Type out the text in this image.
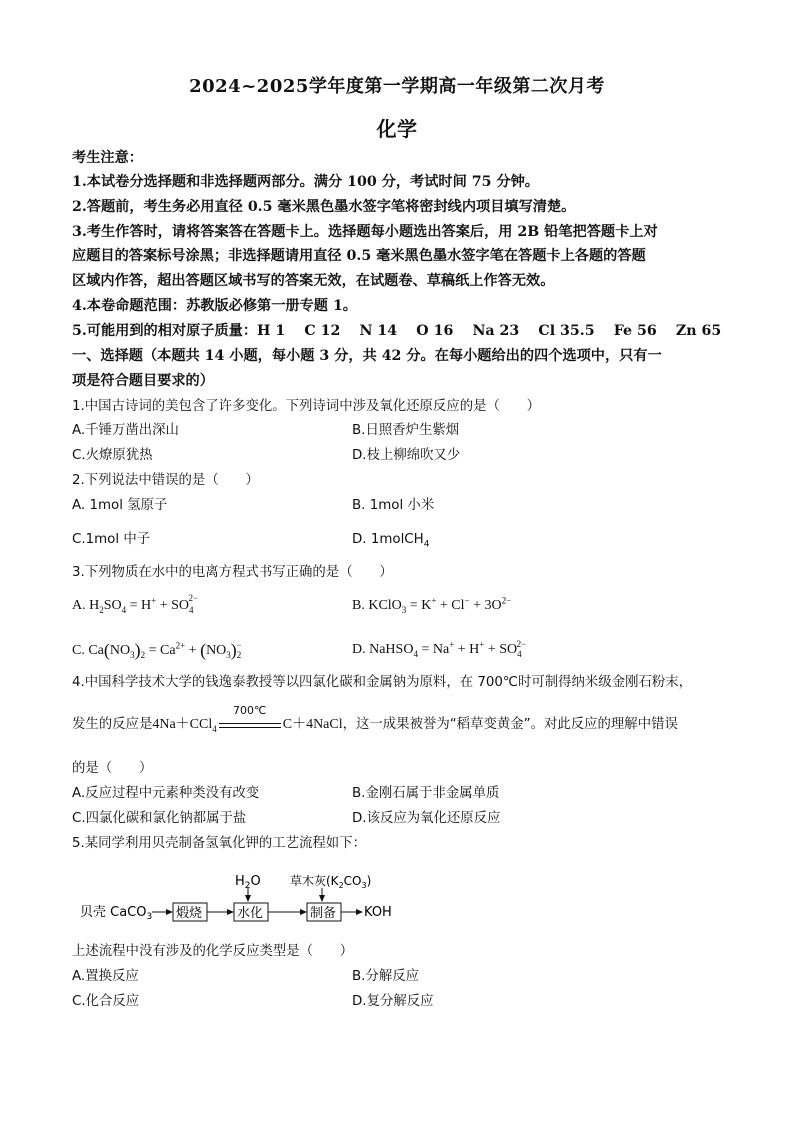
2024~2025学年度第一学期高一年级第二次月考
化学
考生注意：
1.本试卷分选择题和非选择题两部分。满分 100 分，考试时间 75 分钟。
2.答题前，考生务必用直径 0.5 毫米黑色墨水签字笔将密封线内项目填写清楚。
3.考生作答时，请将答案答在答题卡上。选择题每小题选出答案后，用 2B 铅笔把答题卡上对
应题目的答案标号涂黑；非选择题请用直径 0.5 毫米黑色墨水签字笔在答题卡上各题的答题
区域内作答，超出答题区域书写的答案无效，在试题卷、草稿纸上作答无效。
4.本卷命题范围：苏教版必修第一册专题 1。
5.可能用到的相对原子质量：H 1　 C 12　 N 14　 O 16　 Na 23　 Cl 35.5　 Fe 56　 Zn 65
一、选择题（本题共 14 小题，每小题 3 分，共 42 分。在每小题给出的四个选项中，只有一
项是符合题目要求的）
1.中国古诗词的美包含了许多变化。下列诗词中涉及氧化还原反应的是（　　）
A.千锤万凿出深山	B.日照香炉生紫烟
C.火燎原犹热	D.枝上柳绵吹又少
2.下列说法中错误的是（　　）
A. 1mol 氢原子	B. 1mol 小米
C.1mol 中子	D. 1molCH$_4$
3.下列物质在水中的电离方程式书写正确的是（　　）
A. $H_2SO_4 = H^+ + SO_4^{2-}$	B. KClO$_3$ = $K^+ + Cl^- + 3O^{2-}$
C. $Ca(NO_3)_2 = Ca^{2+} + (NO_3)_2^-$	D. NaHSO$_4$ = $Na^+ + H^+ + SO_4^{2-}$
4.中国科学技术大学的钱逸泰教授等以四氯化碳和金属钠为原料，在 700℃时可制得纳米级金刚石粉末，
发生的反应是4Na＋CCl$_4$
700℃
C＋4NaCl，这一成果被誉为“稻草变黄金”。对此反应的理解中错误
的是（　　）
A.反应过程中元素种类没有改变	B.金刚石属于非金属单质
C.四氯化碳和氯化钠都属于盐	D.该反应为氧化还原反应
5.某同学利用贝壳制备氢氧化钾的工艺流程如下：
贝壳 CaCO$_3$ 煅烧	水化
$H_2O$
制备
草木灰$(K_2CO_3)$
KOH
上述流程中没有涉及的化学反应类型是（　　）
A.置换反应	B.分解反应
C.化合反应	D.复分解反应
